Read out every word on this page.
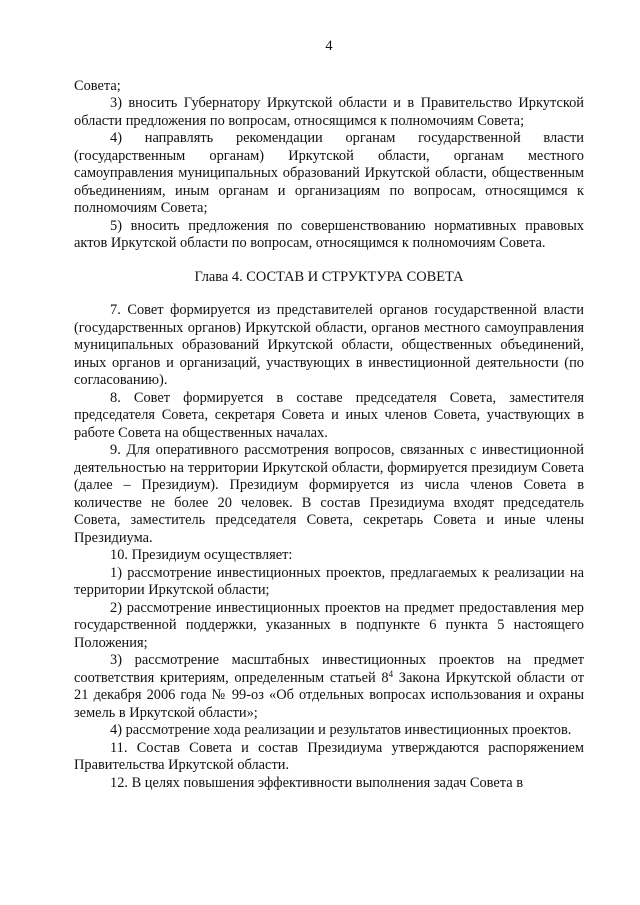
4

Совета;

3) вносить Губернатору Иркутской области и в Правительство Иркутской области предложения по вопросам, относящимся к полномочиям Совета;

4) направлять рекомендации органам государственной власти (государственным органам) Иркутской области, органам местного самоуправления муниципальных образований Иркутской области, общественным объединениям, иным органам и организациям по вопросам, относящимся к полномочиям Совета;

5) вносить предложения по совершенствованию нормативных правовых актов Иркутской области по вопросам, относящимся к полномочиям Совета.

Глава 4. СОСТАВ И СТРУКТУРА СОВЕТА

7. Совет формируется из представителей органов государственной власти (государственных органов) Иркутской области, органов местного самоуправления муниципальных образований Иркутской области, общественных объединений, иных органов и организаций, участвующих в инвестиционной деятельности (по согласованию).

8. Совет формируется в составе председателя Совета, заместителя председателя Совета, секретаря Совета и иных членов Совета, участвующих в работе Совета на общественных началах.

9. Для оперативного рассмотрения вопросов, связанных с инвестиционной деятельностью на территории Иркутской области, формируется президиум Совета (далее – Президиум). Президиум формируется из числа членов Совета в количестве не более 20 человек. В состав Президиума входят председатель Совета, заместитель председателя Совета, секретарь Совета и иные члены Президиума.

10. Президиум осуществляет:

1) рассмотрение инвестиционных проектов, предлагаемых к реализации на территории Иркутской области;

2) рассмотрение инвестиционных проектов на предмет предоставления мер государственной поддержки, указанных в подпункте 6 пункта 5 настоящего Положения;

3) рассмотрение масштабных инвестиционных проектов на предмет соответствия критериям, определенным статьей $8^4$ Закона Иркутской области от 21 декабря 2006 года № 99-оз «Об отдельных вопросах использования и охраны земель в Иркутской области»;

4) рассмотрение хода реализации и результатов инвестиционных проектов.

11. Состав Совета и состав Президиума утверждаются распоряжением Правительства Иркутской области.

12. В целях повышения эффективности выполнения задач Совета в
